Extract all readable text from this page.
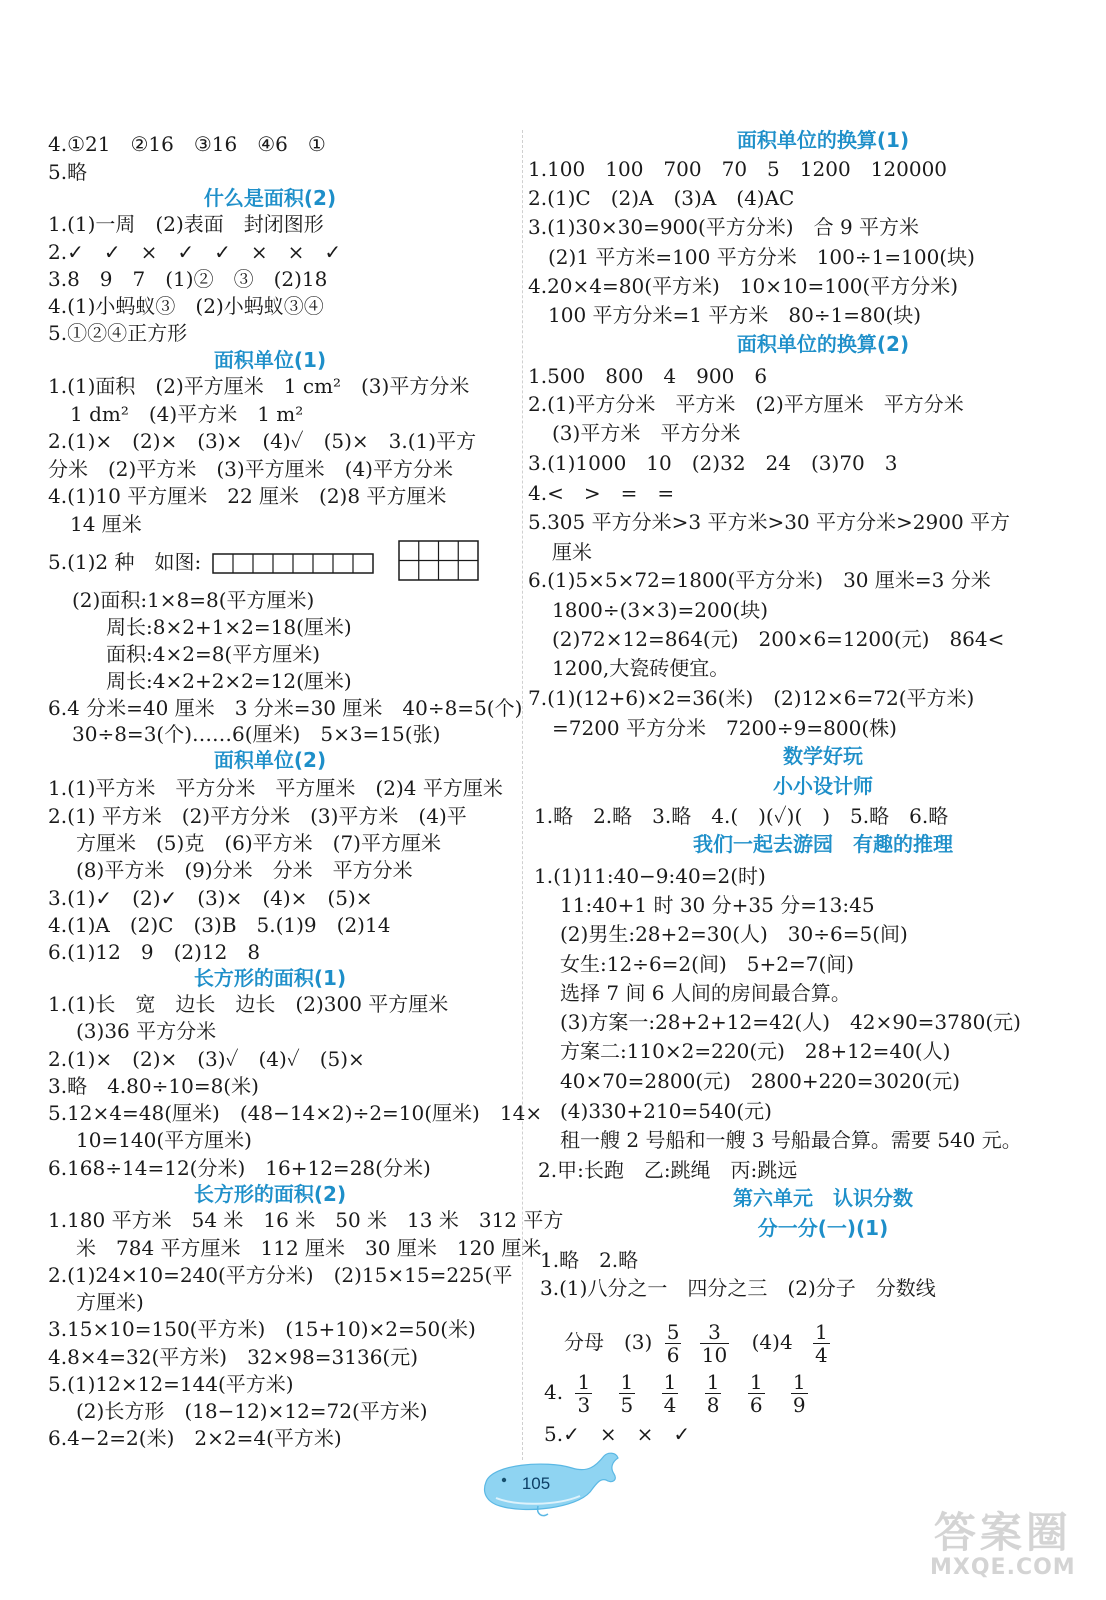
4.①21　②16　③16　④6　①
5.略
什么是面积(2)
1.(1)一周　(2)表面　封闭图形
2.✓　✓　×　✓　✓　×　×　✓
3.8　9　7　(1)②　③　(2)18
4.(1)小蚂蚁③　(2)小蚂蚁③④
5.①②④正方形
面积单位(1)
1.(1)面积　(2)平方厘米　1 cm²　(3)平方分米
1 dm²　(4)平方米　1 m²
2.(1)×　(2)×　(3)×　(4)✓　(5)×　3.(1)平方
分米　(2)平方米　(3)平方厘米　(4)平方分米
4.(1)10 平方厘米　22 厘米　(2)8 平方厘米
14 厘米
5.(1)2 种　如图:
(2)面积:1×8=8(平方厘米)
周长:8×2+1×2=18(厘米)
面积:4×2=8(平方厘米)
周长:4×2+2×2=12(厘米)
6.4 分米=40 厘米　3 分米=30 厘米　40÷8=5(个)
30÷8=3(个)……6(厘米)　5×3=15(张)
面积单位(2)
1.(1)平方米　平方分米　平方厘米　(2)4 平方厘米
2.(1) 平方米　(2)平方分米　(3)平方米　(4)平
方厘米　(5)克　(6)平方米　(7)平方厘米
(8)平方米　(9)分米　分米　平方分米
3.(1)✓　(2)✓　(3)×　(4)×　(5)×
4.(1)A　(2)C　(3)B　5.(1)9　(2)14
6.(1)12　9　(2)12　8
长方形的面积(1)
1.(1)长　宽　边长　边长　(2)300 平方厘米
(3)36 平方分米
2.(1)×　(2)×　(3)✓　(4)✓　(5)×
3.略　4.80÷10=8(米)
5.12×4=48(厘米)　(48−14×2)÷2=10(厘米)　14×
10=140(平方厘米)
6.168÷14=12(分米)　16+12=28(分米)
长方形的面积(2)
1.180 平方米　54 米　16 米　50 米　13 米　312 平方
米　784 平方厘米　112 厘米　30 厘米　120 厘米
2.(1)24×10=240(平方分米)　(2)15×15=225(平
方厘米)
3.15×10=150(平方米)　(15+10)×2=50(米)
4.8×4=32(平方米)　32×98=3136(元)
5.(1)12×12=144(平方米)
(2)长方形　(18−12)×12=72(平方米)
6.4−2=2(米)　2×2=4(平方米)
面积单位的换算(1)
1.100　100　700　70　5　1200　120000
2.(1)C　(2)A　(3)A　(4)AC
3.(1)30×30=900(平方分米)　合 9 平方米
(2)1 平方米=100 平方分米　100÷1=100(块)
4.20×4=80(平方米)　10×10=100(平方分米)
100 平方分米=1 平方米　80÷1=80(块)
面积单位的换算(2)
1.500　800　4　900　6
2.(1)平方分米　平方米　(2)平方厘米　平方分米
(3)平方米　平方分米
3.(1)1000　10　(2)32　24　(3)70　3
4.<　>　=　=
5.305 平方分米>3 平方米>30 平方分米>2900 平方
厘米
6.(1)5×5×72=1800(平方分米)　30 厘米=3 分米
1800÷(3×3)=200(块)
(2)72×12=864(元)　200×6=1200(元)　864<
1200,大瓷砖便宜。
7.(1)(12+6)×2=36(米)　(2)12×6=72(平方米)
=7200 平方分米　7200÷9=800(株)
数学好玩
小小设计师
1.略　2.略　3.略　4.(　)(✓)(　)　5.略　6.略
我们一起去游园　有趣的推理
1.(1)11:40−9:40=2(时)
11:40+1 时 30 分+35 分=13:45
(2)男生:28+2=30(人)　30÷6=5(间)
女生:12÷6=2(间)　5+2=7(间)
选择 7 间 6 人间的房间最合算。
(3)方案一:28+2+12=42(人)　42×90=3780(元)
方案二:110×2=220(元)　28+12=40(人)
40×70=2800(元)　2800+220=3020(元)
(4)330+210=540(元)
租一艘 2 号船和一艘 3 号船最合算。需要 540 元。
2.甲:长跑　乙:跳绳　丙:跳远
第六单元　认识分数
分一分(一)(1)
1.略　2.略
3.(1)八分之一　四分之三　(2)分子　分数线
分母　$(3) \frac{5}{6}$
$\frac{3}{10} (4)4 \frac{1}{4}$
4. $\frac{1}{3}$
$\frac{1}{5}$
$\frac{1}{4}$
$\frac{1}{8}$
$\frac{1}{6}$
$\frac{1}{9}$
5.✓　×　×　✓
105
答案圈
MXQE.COM
